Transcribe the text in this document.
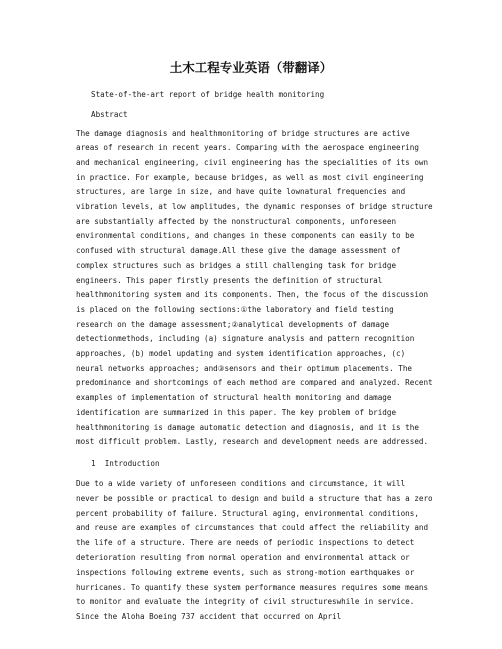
土木工程专业英语（带翻译）
State-of-the-art report of bridge health monitoring
Abstract
The damage diagnosis and healthmonitoring of bridge structures are active
areas of research in recent years. Comparing with the aerospace engineering
and mechanical engineering, civil engineering has the specialities of its own
in practice. For example, because bridges, as well as most civil engineering
structures, are large in size, and have quite lownatural frequencies and
vibration levels, at low amplitudes, the dynamic responses of bridge structure
are substantially affected by the nonstructural components, unforeseen
environmental conditions, and changes in these components can easily to be
confused with structural damage.All these give the damage assessment of
complex structures such as bridges a still challenging task for bridge
engineers. This paper firstly presents the definition of structural
healthmonitoring system and its components. Then, the focus of the discussion
is placed on the following sections:①the laboratory and field testing
research on the damage assessment;②analytical developments of damage
detectionmethods, including (a) signature analysis and pattern recognition
approaches, (b) model updating and system identification approaches, (c)
neural networks approaches; and③sensors and their optimum placements. The
predominance and shortcomings of each method are compared and analyzed. Recent
examples of implementation of structural health monitoring and damage
identification are summarized in this paper. The key problem of bridge
healthmonitoring is damage automatic detection and diagnosis, and it is the
most difficult problem. Lastly, research and development needs are addressed.
1  Introduction
Due to a wide variety of unforeseen conditions and circumstance, it will
never be possible or practical to design and build a structure that has a zero
percent probability of failure. Structural aging, environmental conditions,
and reuse are examples of circumstances that could affect the reliability and
the life of a structure. There are needs of periodic inspections to detect
deterioration resulting from normal operation and environmental attack or
inspections following extreme events, such as strong-motion earthquakes or
hurricanes. To quantify these system performance measures requires some means
to monitor and evaluate the integrity of civil structureswhile in service.
Since the Aloha Boeing 737 accident that occurred on April
